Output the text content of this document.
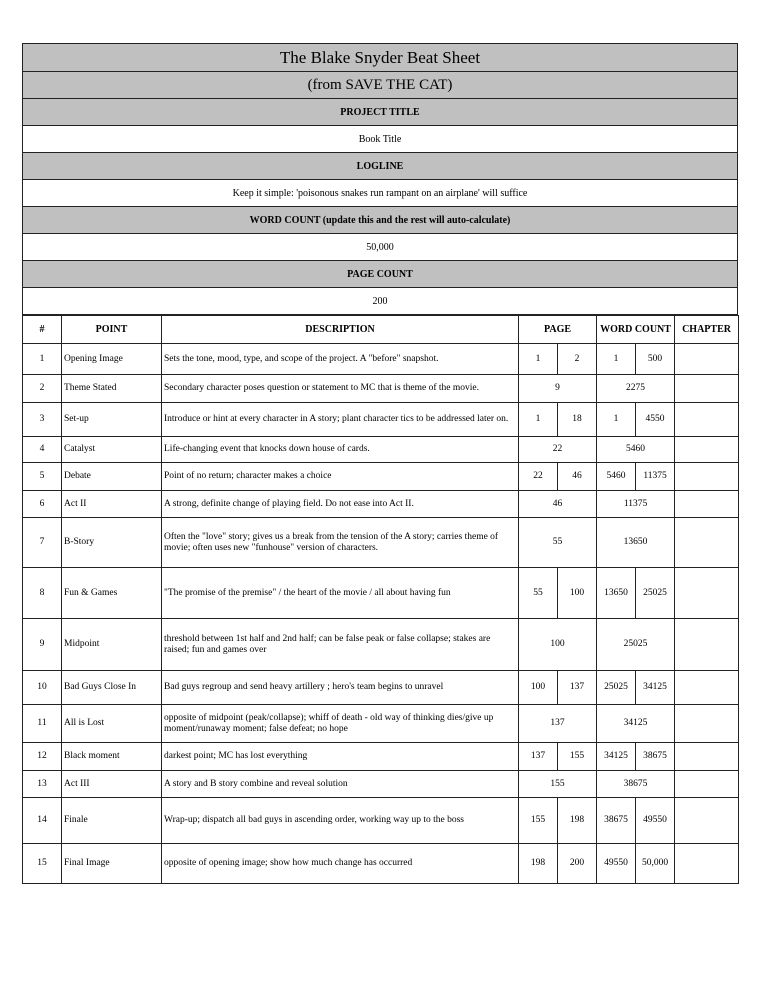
The Blake Snyder Beat Sheet
(from SAVE THE CAT)
PROJECT TITLE
Book Title
LOGLINE
Keep it simple: 'poisonous snakes run rampant on an airplane' will suffice
WORD COUNT (update this and the rest will auto-calculate)
50,000
PAGE COUNT
200
#	POINT	DESCRIPTION	PAGE		WORD COUNT		CHAPTER
1	Opening Image	Sets the tone, mood, type, and scope of the project. A "before" snapshot.	1	2	1	500	
2	Theme Stated	Secondary character poses question or statement to MC that is theme of the movie.	9		2275		
3	Set-up	Introduce or hint at every character in A story; plant character tics to be addressed later on.	1	18	1	4550	
4	Catalyst	Life-changing event that knocks down house of cards.	22		5460		
5	Debate	Point of no return; character makes a choice	22	46	5460	11375	
6	Act II	A strong, definite change of playing field. Do not ease into Act II.	46		11375		
7	B-Story	Often the "love" story; gives us a break from the tension of the A story; carries theme of movie; often uses new "funhouse" version of characters.	55		13650		
8	Fun & Games	"The promise of the premise" / the heart of the movie / all about having fun	55	100	13650	25025	
9	Midpoint	threshold between 1st half and 2nd half; can be false peak or false collapse; stakes are raised; fun and games over	100		25025		
10	Bad Guys Close In	Bad guys regroup and send heavy artillery ; hero's team begins to unravel	100	137	25025	34125	
11	All is Lost	opposite of midpoint (peak/collapse); whiff of death - old way of thinking dies/give up moment/runaway moment; false defeat; no hope	137		34125		
12	Black moment	darkest point; MC has lost everything	137	155	34125	38675	
13	Act III	A story and B story combine and reveal solution	155		38675		
14	Finale	Wrap-up; dispatch all bad guys in ascending order, working way up to the boss	155	198	38675	49550	
15	Final Image	opposite of opening image; show how much change has occurred	198	200	49550	50,000	
